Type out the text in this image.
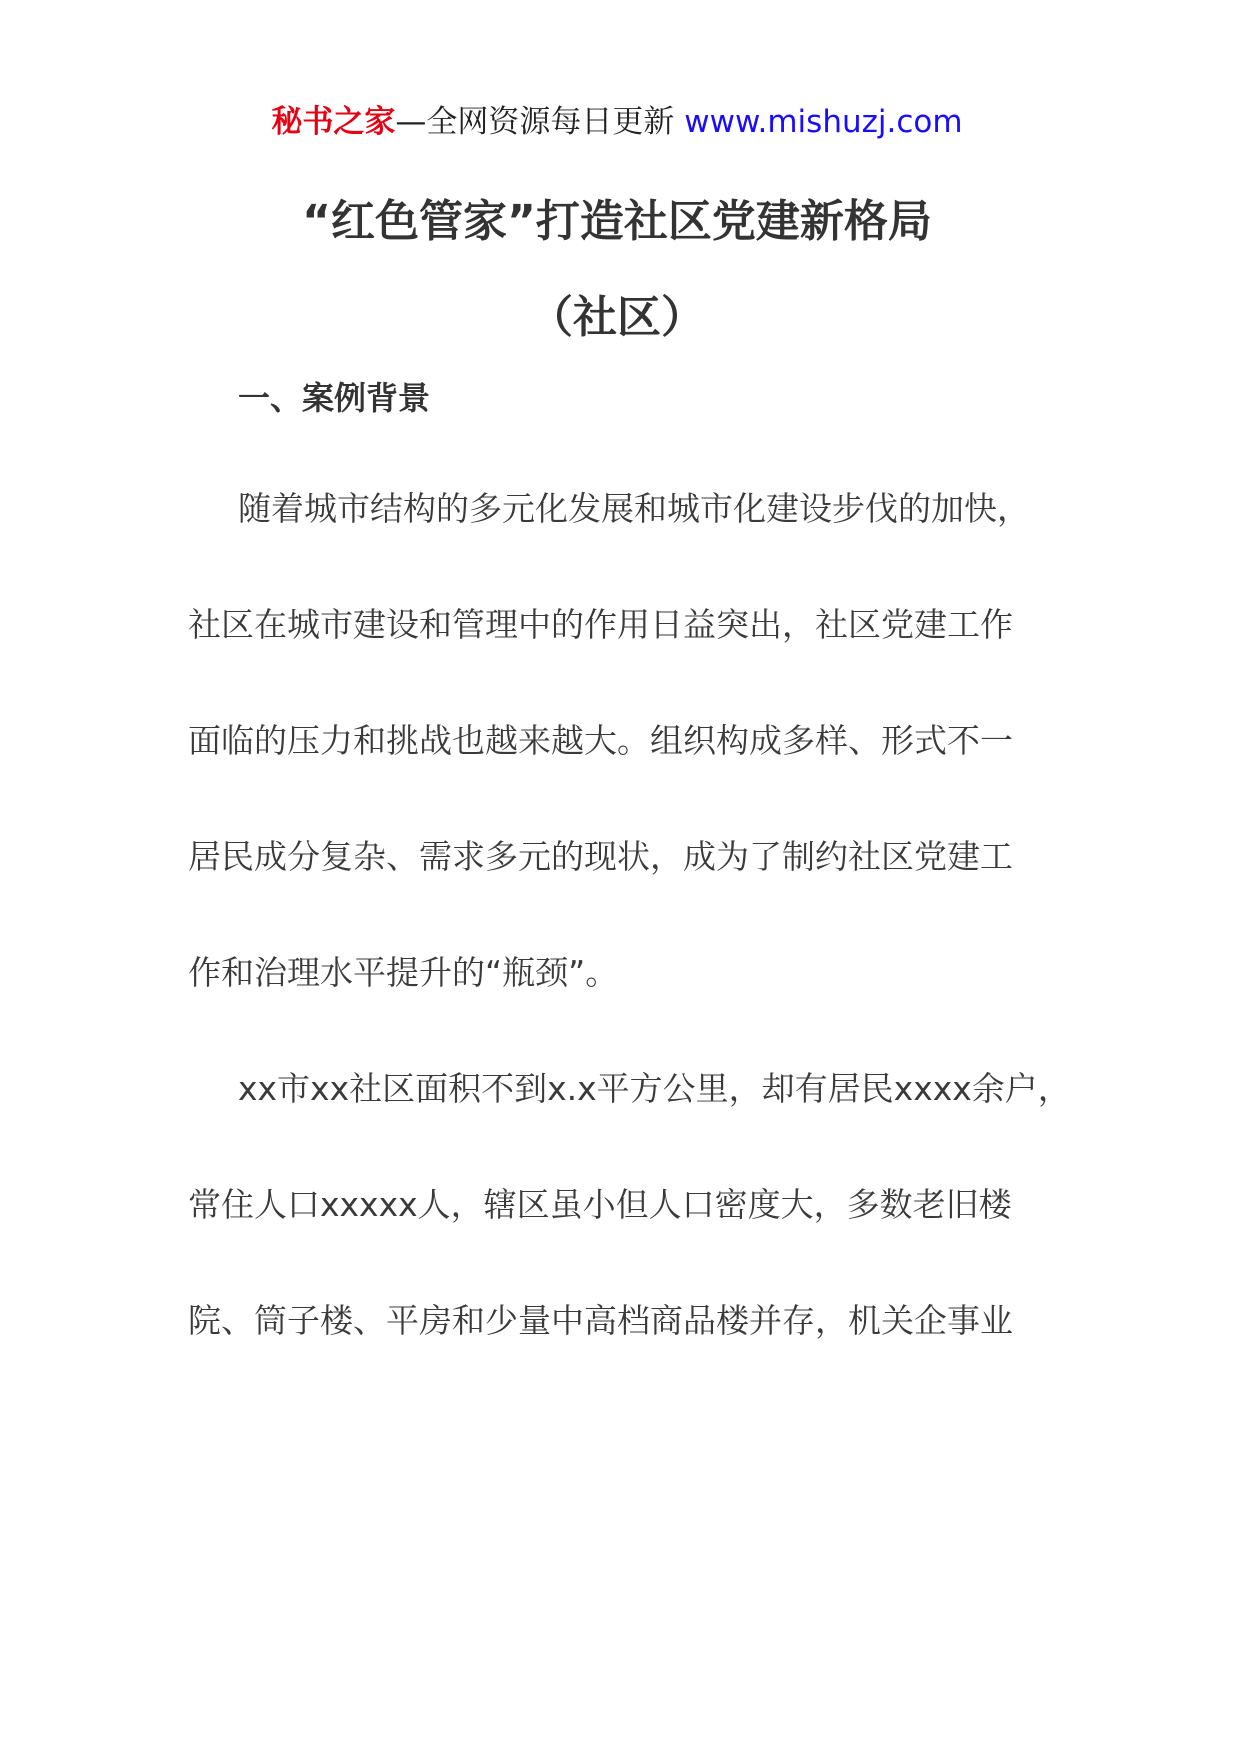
秘书之家—全网资源每日更新 www.mishuzj.com
“红色管家”打造社区党建新格局
（社区）
一、案例背景
随着城市结构的多元化发展和城市化建设步伐的加快，
社区在城市建设和管理中的作用日益突出，社区党建工作
面临的压力和挑战也越来越大。组织构成多样、形式不一
居民成分复杂、需求多元的现状，成为了制约社区党建工
作和治理水平提升的“瓶颈”。
xx市xx社区面积不到x.x平方公里，却有居民xxxx余户，
常住人口xxxxx人，辖区虽小但人口密度大，多数老旧楼
院、筒子楼、平房和少量中高档商品楼并存，机关企事业
